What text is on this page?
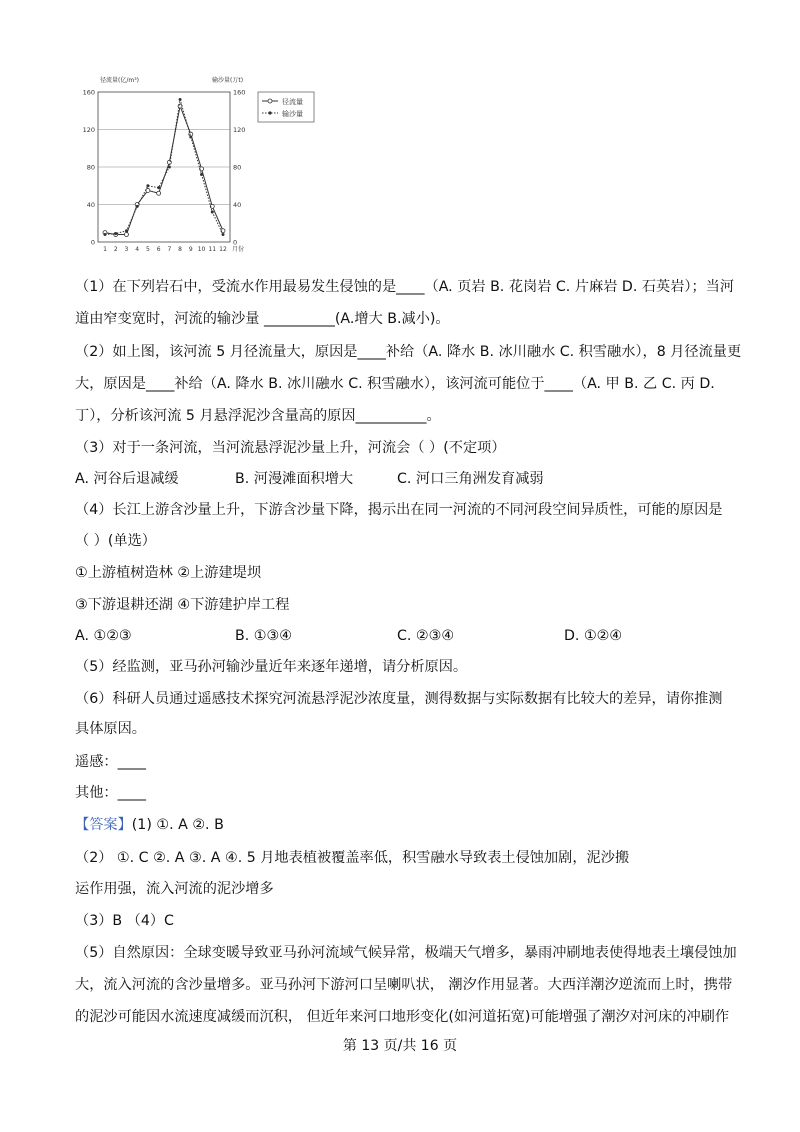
径流量(亿/m³)	输沙量(万t)
0	0
40	40
80	80
120	120
160	160
1 2 3 4 5 6 7 8 9 10 11 12 月份
径流量
输沙量
（1）在下列岩石中，受流水作用最易发生侵蚀的是____（A. 页岩 B. 花岗岩 C. 片麻岩 D. 石英岩）；当河
道由窄变宽时，河流的输沙量 __________(A.增大 B.减小)。
（2）如上图，该河流 5 月径流量大，原因是____补给（A. 降水 B. 冰川融水 C. 积雪融水），8 月径流量更
大，原因是____补给（A. 降水 B. 冰川融水 C. 积雪融水），该河流可能位于____（A. 甲 B. 乙 C. 丙 D.
丁），分析该河流 5 月悬浮泥沙含量高的原因__________。
（3）对于一条河流，当河流悬浮泥沙量上升，河流会（ ）(不定项）
A. 河谷后退减缓	B. 河漫滩面积增大	C. 河口三角洲发育减弱
（4）长江上游含沙量上升，下游含沙量下降，揭示出在同一河流的不同河段空间异质性，可能的原因是
（ ）(单选）
①上游植树造林 ②上游建堤坝
③下游退耕还湖 ④下游建护岸工程
A. ①②③	B. ①③④	C. ②③④	D. ①②④
（5）经监测，亚马孙河输沙量近年来逐年递增，请分析原因。
（6）科研人员通过遥感技术探究河流悬浮泥沙浓度量，测得数据与实际数据有比较大的差异，请你推测
具体原因。
遥感：____
其他：____
【答案】(1) ①. A ②. B
（2） ①. C ②. A ③. A ④. 5 月地表植被覆盖率低，积雪融水导致表土侵蚀加剧，泥沙搬
运作用强，流入河流的泥沙增多
（3）B （4）C
（5）自然原因：全球变暖导致亚马孙河流域气候异常，极端天气增多，暴雨冲刷地表使得地表土壤侵蚀加
大，流入河流的含沙量增多。亚马孙河下游河口呈喇叭状， 潮汐作用显著。大西洋潮汐逆流而上时，携带
的泥沙可能因水流速度减缓而沉积， 但近年来河口地形变化(如河道拓宽)可能增强了潮汐对河床的冲刷作
第 13 页/共 16 页
